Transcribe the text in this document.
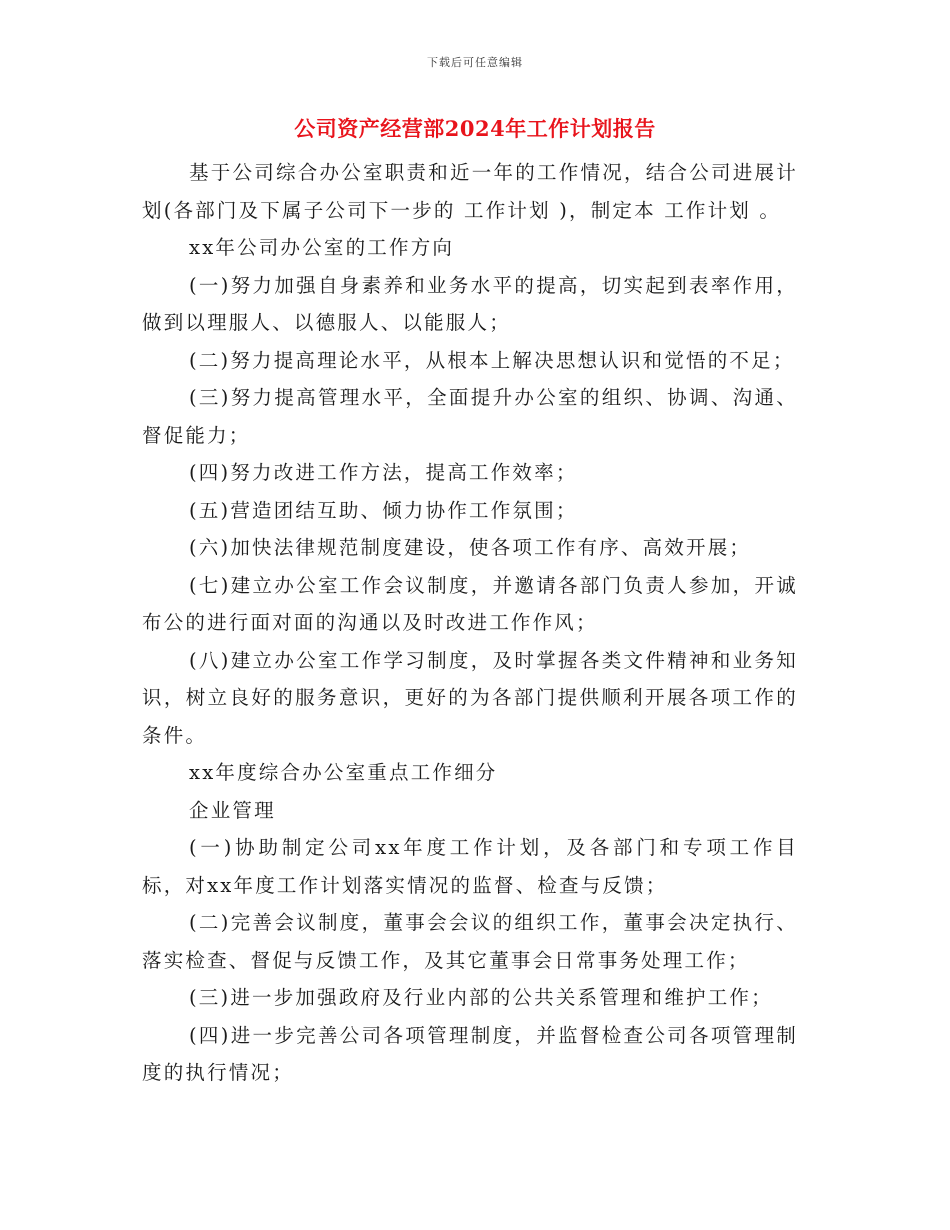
下载后可任意编辑
公司资产经营部2024年工作计划报告

基于公司综合办公室职责和近一年的工作情况，结合公司进展计划(各部门及下属子公司下一步的 工作计划 )，制定本 工作计划 。

xx年公司办公室的工作方向

(一)努力加强自身素养和业务水平的提高，切实起到表率作用，做到以理服人、以德服人、以能服人；

(二)努力提高理论水平，从根本上解决思想认识和觉悟的不足；

(三)努力提高管理水平，全面提升办公室的组织、协调、沟通、督促能力；

(四)努力改进工作方法，提高工作效率；

(五)营造团结互助、倾力协作工作氛围；

(六)加快法律规范制度建设，使各项工作有序、高效开展；

(七)建立办公室工作会议制度，并邀请各部门负责人参加，开诚布公的进行面对面的沟通以及时改进工作作风；

(八)建立办公室工作学习制度，及时掌握各类文件精神和业务知识，树立良好的服务意识，更好的为各部门提供顺利开展各项工作的条件。

xx年度综合办公室重点工作细分

企业管理

(一)协助制定公司xx年度工作计划，及各部门和专项工作目标，对xx年度工作计划落实情况的监督、检查与反馈；

(二)完善会议制度，董事会会议的组织工作，董事会决定执行、落实检查、督促与反馈工作，及其它董事会日常事务处理工作；

(三)进一步加强政府及行业内部的公共关系管理和维护工作；

(四)进一步完善公司各项管理制度，并监督检查公司各项管理制度的执行情况；
